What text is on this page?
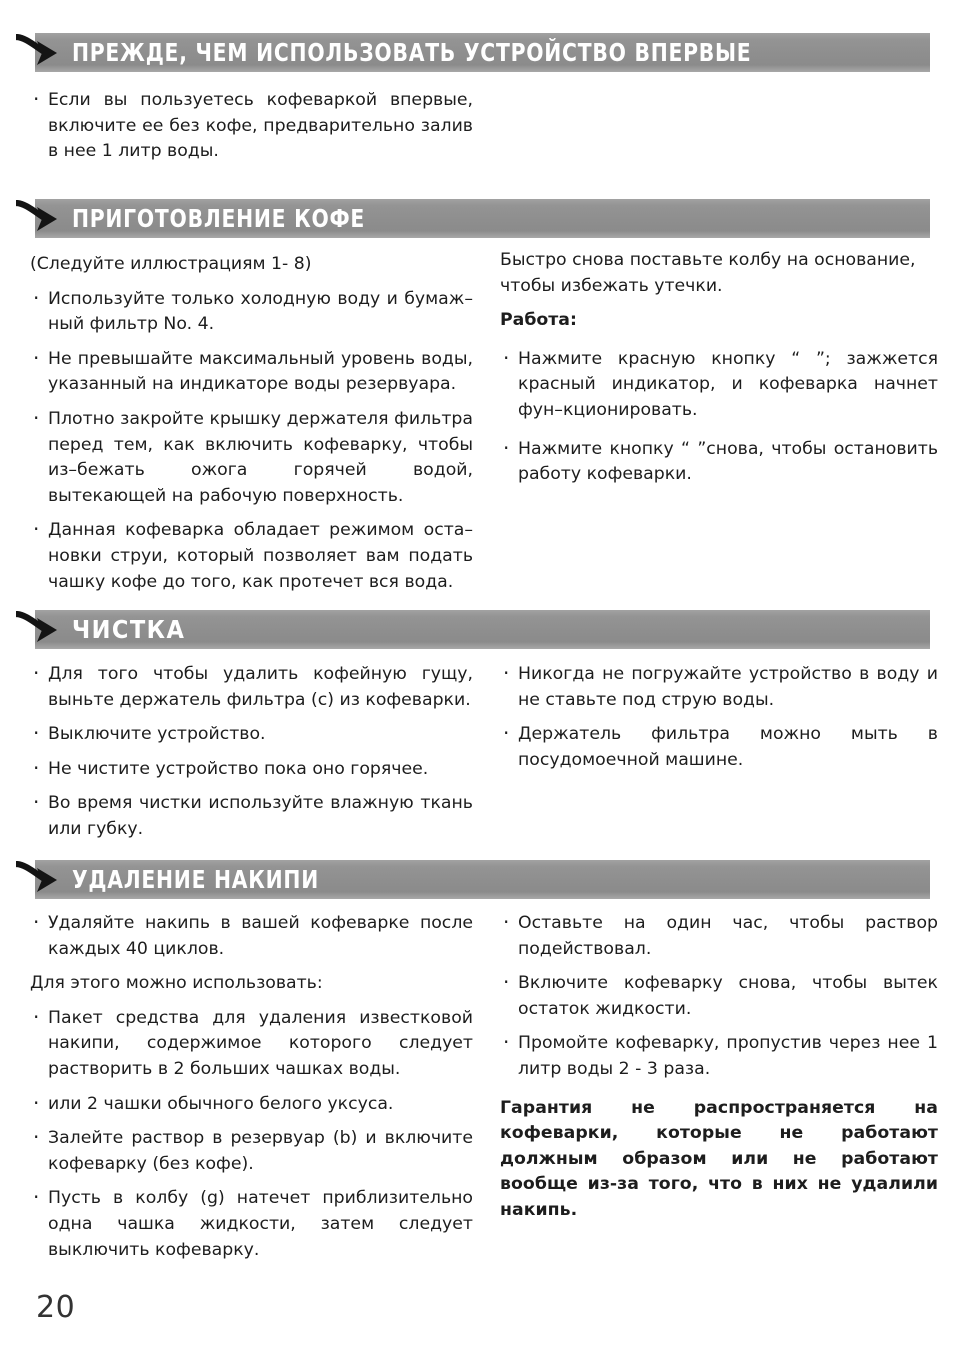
ПРЕЖДЕ, ЧЕМ ИСПОЛЬЗОВАТЬ УСТРОЙСТВО ВПЕРВЫЕ

· Если вы пользуетесь кофеваркой впервые, включите ее без кофе, предварительно залив в нее 1 литр воды.

ПРИГОТОВЛЕНИЕ КОФЕ

(Следуйте иллюстрациям 1- 8)

· Используйте только холодную воду и бумаж–ный фильтр No. 4.

· Не превышайте максимальный уровень воды, указанный на индикаторе воды резервуара.

· Плотно закройте крышку держателя фильтра перед тем, как включить кофеварку, чтобы из–бежать ожога горячей водой, вытекающей на рабочую поверхность.

· Данная кофеварка обладает режимом оста–новки струи, который позволяет вам подать чашку кофе до того, как протечет вся вода.

Быстро снова поставьте колбу на основание, чтобы избежать утечки.

Работа:

· Нажмите красную кнопку “ ”; зажжется красный индикатор, и кофеварка начнет фун–кционировать.

· Нажмите кнопку “ ”снова, чтобы остановить работу кофеварки.

ЧИСТКА

· Для того чтобы удалить кофейную гущу, выньте держатель фильтра (c) из кофеварки.

· Выключите устройство.

· Не чистите устройство пока оно горячее.

· Во время чистки используйте влажную ткань или губку.

· Никогда не погружайте устройство в воду и не ставьте под струю воды.

· Держатель фильтра можно мыть в посудомоечной машине.

УДАЛЕНИЕ НАКИПИ

· Удаляйте накипь в вашей кофеварке после каждых 40 циклов.

Для этого можно использовать:

· Пакет средства для удаления известковой накипи, содержимое которого следует растворить в 2 больших чашках воды.

· или 2 чашки обычного белого уксуса.

· Залейте раствор в резервуар (b) и включите кофеварку (без кофе).

· Пусть в колбу (g) натечет приблизительно одна чашка жидкости, затем следует выключить кофеварку.

· Оставьте на один час, чтобы раствор подействовал.

· Включите кофеварку снова, чтобы вытек остаток жидкости.

· Промойте кофеварку, пропустив через нее 1 литр воды 2 - 3 раза.

Гарантия не распространяется на кофеварки, которые не работают должным образом или не работают вообще из-за того, что в них не удалили накипь.

20
